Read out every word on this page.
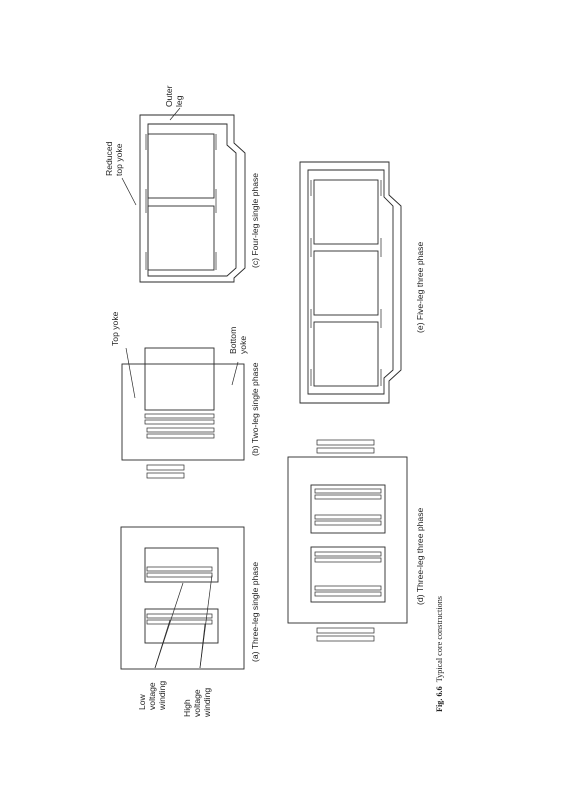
Low voltage winding High voltage winding
(a) Three-leg single phase
Top yoke	Bottom yoke
(b) Two-leg single phase
Reduced top yoke
Outer leg
(c) Four-leg single phase
(d) Three-leg three phase
(e) Five-leg three phase
Fig. 6.6Typical core constructions
